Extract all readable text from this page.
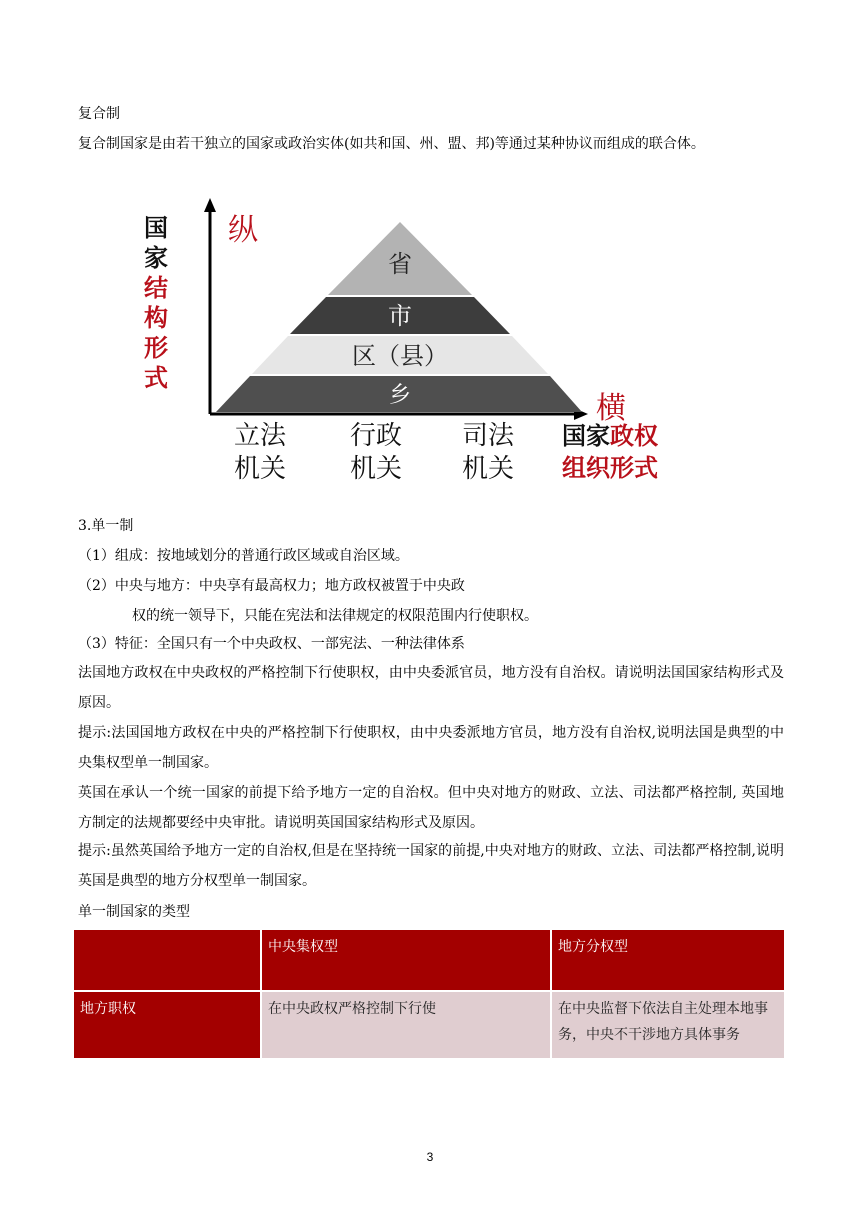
复合制
复合制国家是由若干独立的国家或政治实体(如共和国、州、盟、邦)等通过某种协议而组成的联合体。
省
市
区（县）
乡
国
家
结
构
形
式
纵
横
立法
机关
行政
机关
司法
机关
国家政权
组织形式
3.单一制
（1）组成：按地域划分的普通行政区域或自治区域。
（2）中央与地方：中央享有最高权力；地方政权被置于中央政
权的统一领导下，只能在宪法和法律规定的权限范围内行使职权。
（3）特征：全国只有一个中央政权、一部宪法、一种法律体系
法国地方政权在中央政权的严格控制下行使职权，由中央委派官员，地方没有自治权。请说明法国国家结构形式及原因。
提示:法国国地方政权在中央的严格控制下行使职权，由中央委派地方官员，地方没有自治权,说明法国是典型的中央集权型单一制国家。
英国在承认一个统一国家的前提下给予地方一定的自治权。但中央对地方的财政、立法、司法都严格控制, 英国地方制定的法规都要经中央审批。请说明英国国家结构形式及原因。
提示:虽然英国给予地方一定的自治权,但是在坚持统一国家的前提,中央对地方的财政、立法、司法都严格控制,说明英国是典型的地方分权型单一制国家。
单一制国家的类型
	中央集权型	地方分权型
地方职权	在中央政权严格控制下行使	在中央监督下依法自主处理本地事务，中央不干涉地方具体事务
3
